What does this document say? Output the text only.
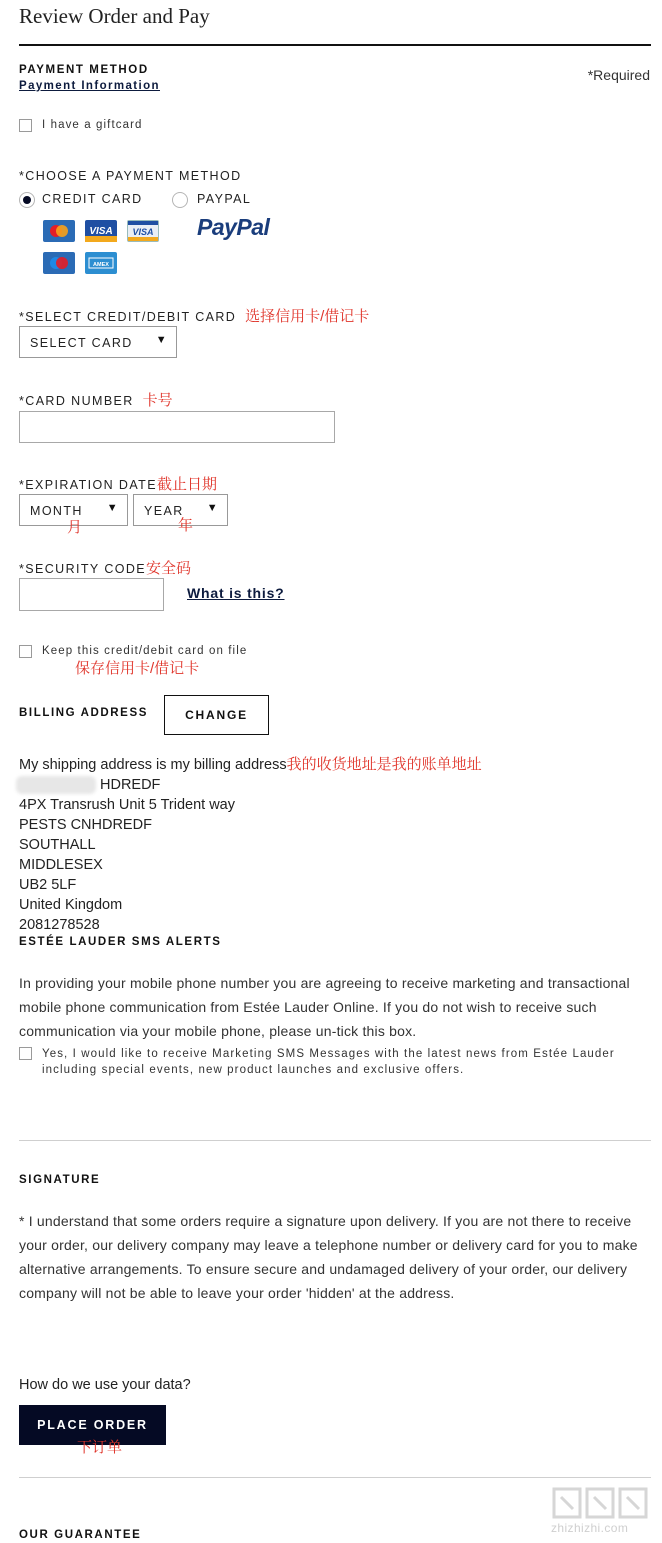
Review Order and Pay
PAYMENT METHOD
Payment Information
*Required
I have a giftcard
*CHOOSE A PAYMENT METHOD
CREDIT CARD	PAYPAL
VISA VISA
AMEX
PayPal
*SELECT CREDIT/DEBIT CARD 选择信用卡/借记卡
SELECT CARD ▼
*CARD NUMBER 卡号
*EXPIRATION DATE截止日期
MONTH ▼
月
YEAR ▼
年
*SECURITY CODE安全码
What is this?
Keep this credit/debit card on file
保存信用卡/借记卡
BILLING ADDRESS	CHANGE
My shipping address is my billing address我的收货地址是我的账单地址
HDREDF
4PX Transrush Unit 5 Trident way
PESTS CNHDREDF
SOUTHALL
MIDDLESEX
UB2 5LF
United Kingdom
2081278528
ESTÉE LAUDER SMS ALERTS
In providing your mobile phone number you are agreeing to receive marketing and transactional mobile phone communication from Estée Lauder Online. If you do not wish to receive such communication via your mobile phone, please un-tick this box.
Yes, I would like to receive Marketing SMS Messages with the latest news from Estée Lauder including special events, new product launches and exclusive offers.
SIGNATURE
* I understand that some orders require a signature upon delivery. If you are not there to receive your order, our delivery company may leave a telephone number or delivery card for you to make alternative arrangements. To ensure secure and undamaged delivery of your order, our delivery company will not be able to leave your order 'hidden' at the address.
How do we use your data?
PLACE ORDER
下订单
OUR GUARANTEE	zhizhizhi.com
